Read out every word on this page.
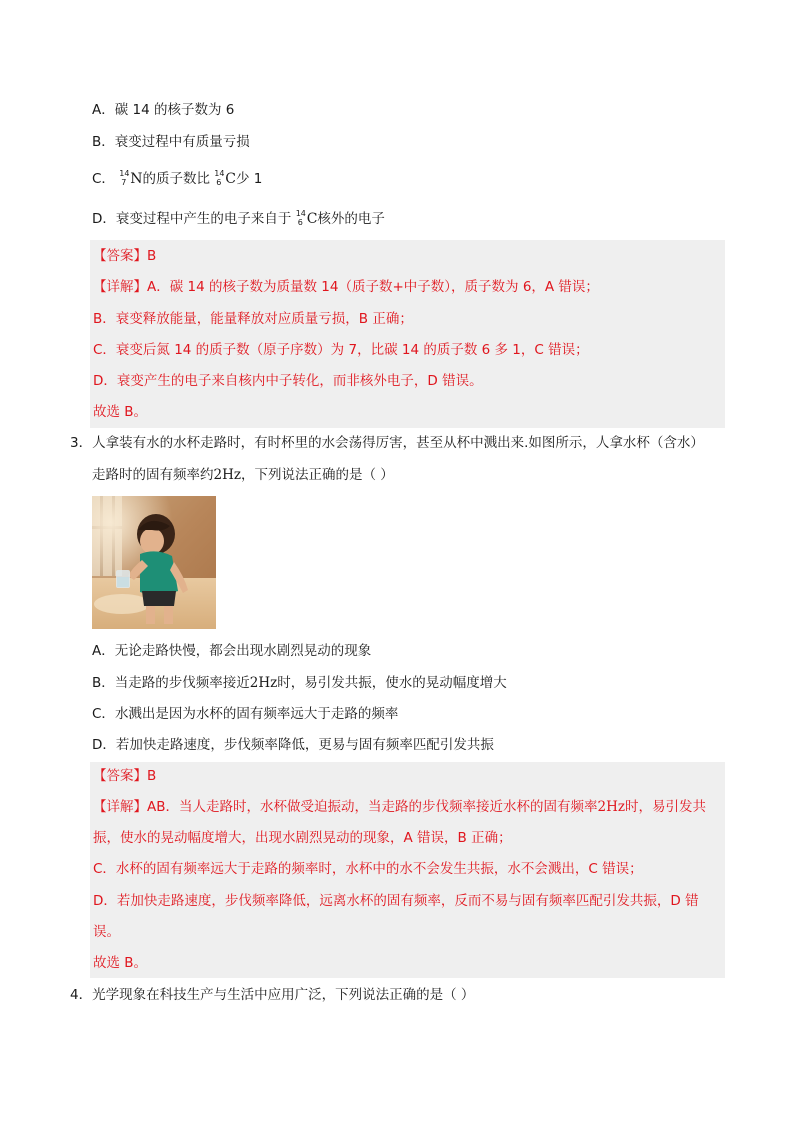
A．碳 14 的核子数为 6
B．衰变过程中有质量亏损
C． 14
7 N的质子数比 14
6 C少 1
D．衰变过程中产生的电子来自于 14
6 C核外的电子
【答案】B
【详解】A．碳 14 的核子数为质量数 14（质子数+中子数），质子数为 6，A 错误；
B．衰变释放能量，能量释放对应质量亏损，B 正确；
C．衰变后氮 14 的质子数（原子序数）为 7，比碳 14 的质子数 6 多 1，C 错误；
D．衰变产生的电子来自核内中子转化，而非核外电子，D 错误。
故选 B。
3．人拿装有水的水杯走路时，有时杯里的水会荡得厉害，甚至从杯中溅出来.如图所示，人拿水杯（含水）
走路时的固有频率约2Hz，下列说法正确的是（ ）
A．无论走路快慢，都会出现水剧烈晃动的现象
B．当走路的步伐频率接近2Hz时，易引发共振，使水的晃动幅度增大
C．水溅出是因为水杯的固有频率远大于走路的频率
D．若加快走路速度，步伐频率降低，更易与固有频率匹配引发共振
【答案】B
【详解】AB．当人走路时，水杯做受迫振动，当走路的步伐频率接近水杯的固有频率2Hz时，易引发共
振，使水的晃动幅度增大，出现水剧烈晃动的现象，A 错误，B 正确；
C．水杯的固有频率远大于走路的频率时，水杯中的水不会发生共振，水不会溅出，C 错误；
D．若加快走路速度，步伐频率降低，远离水杯的固有频率，反而不易与固有频率匹配引发共振，D 错
误。
故选 B。
4．光学现象在科技生产与生活中应用广泛，下列说法正确的是（ ）
